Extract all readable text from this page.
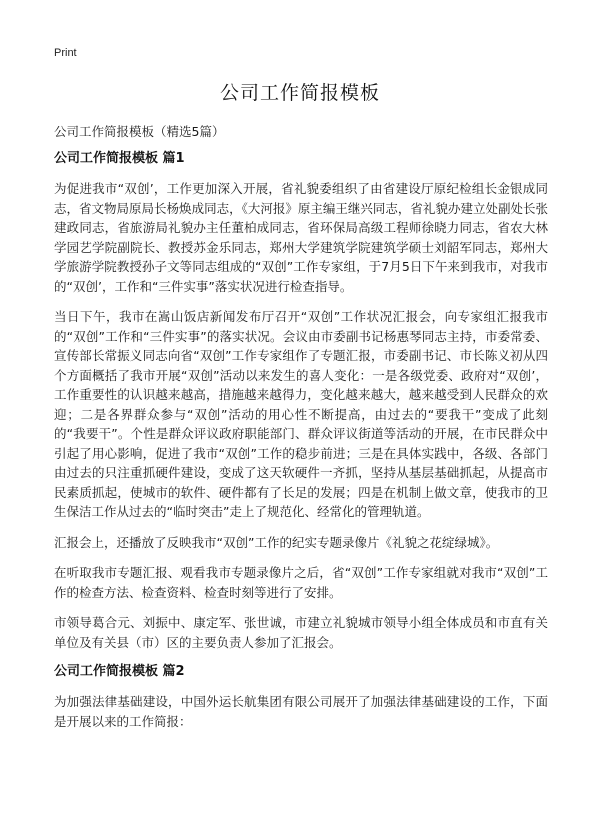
Print
公司工作简报模板
公司工作简报模板（精选5篇）
公司工作简报模板 篇1

为促进我市“双创’，工作更加深入开展，省礼貌委组织了由省建设厅原纪检组长金银成同志，省文物局原局长杨焕成同志，《大河报》原主编王继兴同志，省礼貌办建立处副处长张建政同志，省旅游局礼貌办主任董柏成同志，省环保局高级工程师徐晓力同志，省农大林学园艺学院副院长、教授苏金乐同志，郑州大学建筑学院建筑学硕士刘韶军同志，郑州大学旅游学院教授孙子文等同志组成的“双创”工作专家组，于7月5日下午来到我市，对我市的“双创’，工作和“三件实事”落实状况进行检查指导。

当日下午，我市在嵩山饭店新闻发布厅召开“双创”工作状况汇报会，向专家组汇报我市的“双创”工作和“三件实事”的落实状况。会议由市委副书记杨惠琴同志主持，市委常委、宣传部长常振义同志向省“双创”工作专家组作了专题汇报，市委副书记、市长陈义初从四个方面概括了我市开展“双创”活动以来发生的喜人变化：一是各级党委、政府对“双创’，工作重要性的认识越来越高，措施越来越得力，变化越来越大，越来越受到人民群众的欢迎；二是各界群众参与“双创”活动的用心性不断提高，由过去的“要我干”变成了此刻的“我要干”。个性是群众评议政府职能部门、群众评议街道等活动的开展，在市民群众中引起了用心影响，促进了我市“双创”工作的稳步前进；三是在具体实践中，各级、各部门由过去的只注重抓硬件建设，变成了这天软硬件一齐抓，坚持从基层基础抓起，从提高市民素质抓起，使城市的软件、硬件都有了长足的发展；四是在机制上做文章，使我市的卫生保洁工作从过去的“临时突击”走上了规范化、经常化的管理轨道。

汇报会上，还播放了反映我市“双创”工作的纪实专题录像片《礼貌之花绽绿城》。

在听取我市专题汇报、观看我市专题录像片之后，省“双创”工作专家组就对我市“双创”工作的检查方法、检查资料、检查时刻等进行了安排。

市领导葛合元、刘振中、康定军、张世诚，市建立礼貌城市领导小组全体成员和市直有关单位及有关县（市）区的主要负责人参加了汇报会。

公司工作简报模板 篇2

为加强法律基础建设，中国外运长航集团有限公司展开了加强法律基础建设的工作，下面是开展以来的工作简报：
